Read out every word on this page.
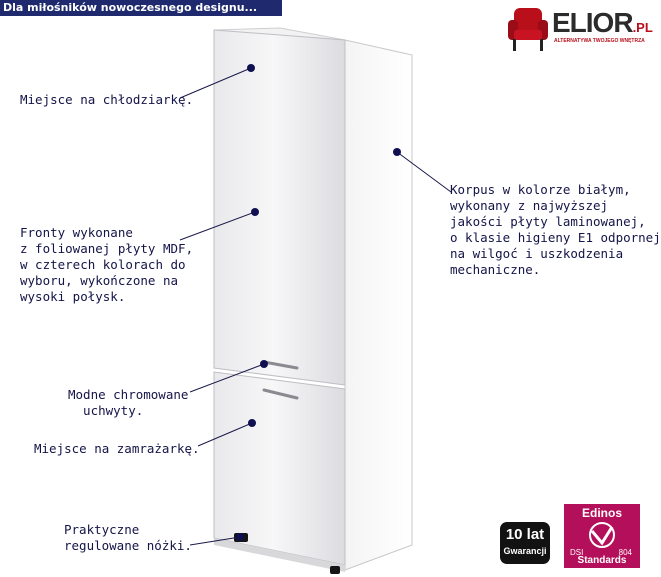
Dla miłośników nowoczesnego designu...	ELIOR.PL
ALTERNATYWA TWOJEGO WNĘTRZA
Miejsce na chłodziarkę.
Fronty wykonane
z foliowanej płyty MDF,
w czterech kolorach do
wyboru, wykończone na
wysoki połysk.
Modne chromowane
uchwyty.
Miejsce na zamrażarkę.
Praktyczne
regulowane nóżki.
Korpus w kolorze białym,
wykonany z najwyższej
jakości płyty laminowanej,
o klasie higieny E1 odpornej
na wilgoć i uszkodzenia
mechaniczne.
10 lat
Gwarancji
Edinos
DSI	804
Standards
